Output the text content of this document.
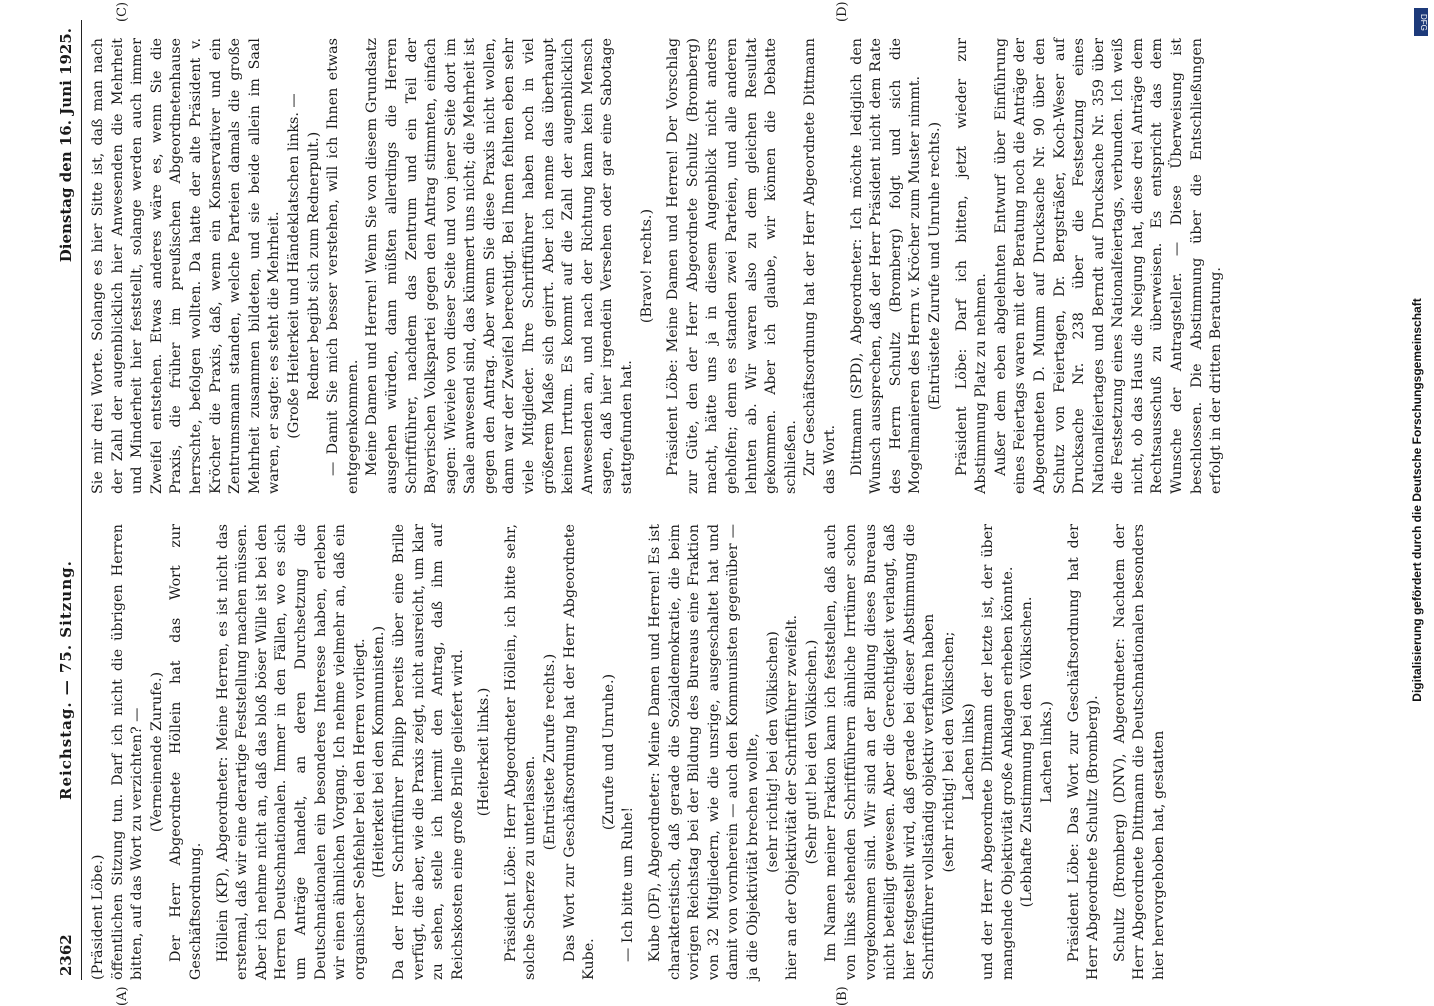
2362
Reichstag. — 75. Sitzung.
Dienstag den 16. Juni 1925.
(A)	(B)
(C)	(D)

(Präsident Löbe.) öffentlichen Sitzung tun. Darf ich nicht die übrigen Herren bitten, auf das Wort zu verzichten? — (Verneinende Zurufe.) Der Herr Abgeordnete Höllein hat das Wort zur Geschäftsordnung. Höllein (KP), Abgeordneter: Meine Herren, es ist nicht das erstemal, daß wir eine derartige Feststellung machen müssen. Aber ich nehme nicht an, daß das bloß böser Wille ist bei den Herren Deutschnationalen. Immer in den Fällen, wo es sich um Anträge handelt, an deren Durchsetzung die Deutschnationalen ein besonderes Interesse haben, erleben wir einen ähnlichen Vorgang. Ich nehme vielmehr an, daß ein organischer Sehfehler bei den Herren vorliegt. (Heiterkeit bei den Kommunisten.) Da der Herr Schriftführer Philipp bereits über eine Brille verfügt, die aber, wie die Praxis zeigt, nicht ausreicht, um klar zu sehen, stelle ich hiermit den Antrag, daß ihm auf Reichskosten eine große Brille geliefert wird. (Heiterkeit links.) Präsident Löbe: Herr Abgeordneter Höllein, ich bitte sehr, solche Scherze zu unterlassen.

(Entrüstete Zurufe rechts.) Das Wort zur Geschäftsordnung hat der Herr Abgeordnete Kube.

(Zurufe und Unruhe.)

— Ich bitte um Ruhe! Kube (DF), Abgeordneter: Meine Damen und Herren! Es ist charakteristisch, daß gerade die Sozialdemokratie, die beim vorigen Reichstag bei der Bildung des Bureaus eine Fraktion von 32 Mitgliedern, wie die unsrige, ausgeschaltet hat und damit von vornherein — auch den Kommunisten gegenüber — ja die Objektivität brechen wollte, (sehr richtig! bei den Völkischen) hier an der Objektivität der Schriftführer zweifelt. (Sehr gut! bei den Völkischen.) Im Namen meiner Fraktion kann ich feststellen, daß auch von links stehenden Schriftführern ähnliche Irrtümer schon vorgekommen sind. Wir sind an der Bildung dieses Bureaus nicht beteiligt gewesen. Aber die Gerechtigkeit verlangt, daß hier festgestellt wird, daß gerade bei dieser Abstimmung die Schriftführer vollständig objektiv verfahren haben (sehr richtig! bei den Völkischen; Lachen links) und der Herr Abgeordnete Dittmann der letzte ist, der über mangelnde Objektivität große Anklagen erheben könnte. (Lebhafte Zustimmung bei den Völkischen. Lachen links.) Präsident Löbe: Das Wort zur Geschäftsordnung hat der Herr Abgeordnete Schultz (Bromberg). Schultz (Bromberg) (DNV), Abgeordneter: Nachdem der Herr Abgeordnete Dittmann die Deutschnationalen besonders hier hervorgehoben hat, gestatten

Sie mir drei Worte. Solange es hier Sitte ist, daß man nach der Zahl der augenblicklich hier Anwesenden die Mehrheit und Minderheit hier feststellt, solange werden auch immer Zweifel entstehen. Etwas anderes wäre es, wenn Sie die Praxis, die früher im preußischen Abgeordnetenhause herrschte, befolgen wollten. Da hatte der alte Präsident v. Kröcher die Praxis, daß, wenn ein Konservativer und ein Zentrumsmann standen, welche Parteien damals die große Mehrheit zusammen bildeten, und sie beide allein im Saal waren, er sagte: es steht die Mehrheit. (Große Heiterkeit und Händeklatschen links. — Redner begibt sich zum Rednerpult.) — Damit Sie mich besser verstehen, will ich Ihnen etwas entgegenkommen. Meine Damen und Herren! Wenn Sie von diesem Grundsatz ausgehen würden, dann müßten allerdings die Herren Schriftführer, nachdem das Zentrum und ein Teil der Bayerischen Volkspartei gegen den Antrag stimmten, einfach sagen: Wieviele von dieser Seite und von jener Seite dort im Saale anwesend sind, das kümmert uns nicht; die Mehrheit ist gegen den Antrag. Aber wenn Sie diese Praxis nicht wollen, dann war der Zweifel berechtigt. Bei Ihnen fehlten eben sehr viele Mitglieder. Ihre Schriftführer haben noch in viel größerem Maße sich geirrt. Aber ich nenne das überhaupt keinen Irrtum. Es kommt auf die Zahl der augenblicklich Anwesenden an, und nach der Richtung kann kein Mensch sagen, daß hier irgendein Versehen oder gar eine Sabotage stattgefunden hat.

(Bravo! rechts.) Präsident Löbe: Meine Damen und Herren! Der Vorschlag zur Güte, den der Herr Abgeordnete Schultz (Bromberg) macht, hätte uns ja in diesem Augenblick nicht anders geholfen; denn es standen zwei Parteien, und alle anderen lehnten ab. Wir waren also zu dem gleichen Resultat gekommen. Aber ich glaube, wir können die Debatte schließen. Zur Geschäftsordnung hat der Herr Abgeordnete Dittmann das Wort. Dittmann (SPD), Abgeordneter: Ich möchte lediglich den Wunsch aussprechen, daß der Herr Präsident nicht dem Rate des Herrn Schultz (Bromberg) folgt und sich die Mogelmanieren des Herrn v. Kröcher zum Muster nimmt. (Entrüstete Zurufe und Unruhe rechts.) Präsident Löbe: Darf ich bitten, jetzt wieder zur Abstimmung Platz zu nehmen. Außer dem eben abgelehnten Entwurf über Einführung eines Feiertags waren mit der Beratung noch die Anträge der Abgeordneten D. Mumm auf Drucksache Nr. 90 über den Schutz von Feiertagen, Dr. Bergsträßer, Koch-Weser auf Drucksache Nr. 238 über die Festsetzung eines Nationalfeiertages und Berndt auf Drucksache Nr. 359 über die Festsetzung eines Nationalfeiertags, verbunden. Ich weiß nicht, ob das Haus die Neigung hat, diese drei Anträge dem Rechtsausschuß zu überweisen. Es entspricht das dem Wunsche der Antragsteller. — Diese Überweisung ist beschlossen. Die Abstimmung über die Entschließungen erfolgt in der dritten Beratung.	Digitalisierung gefördert durch die Deutsche Forschungsgemeinschaft
DFG
